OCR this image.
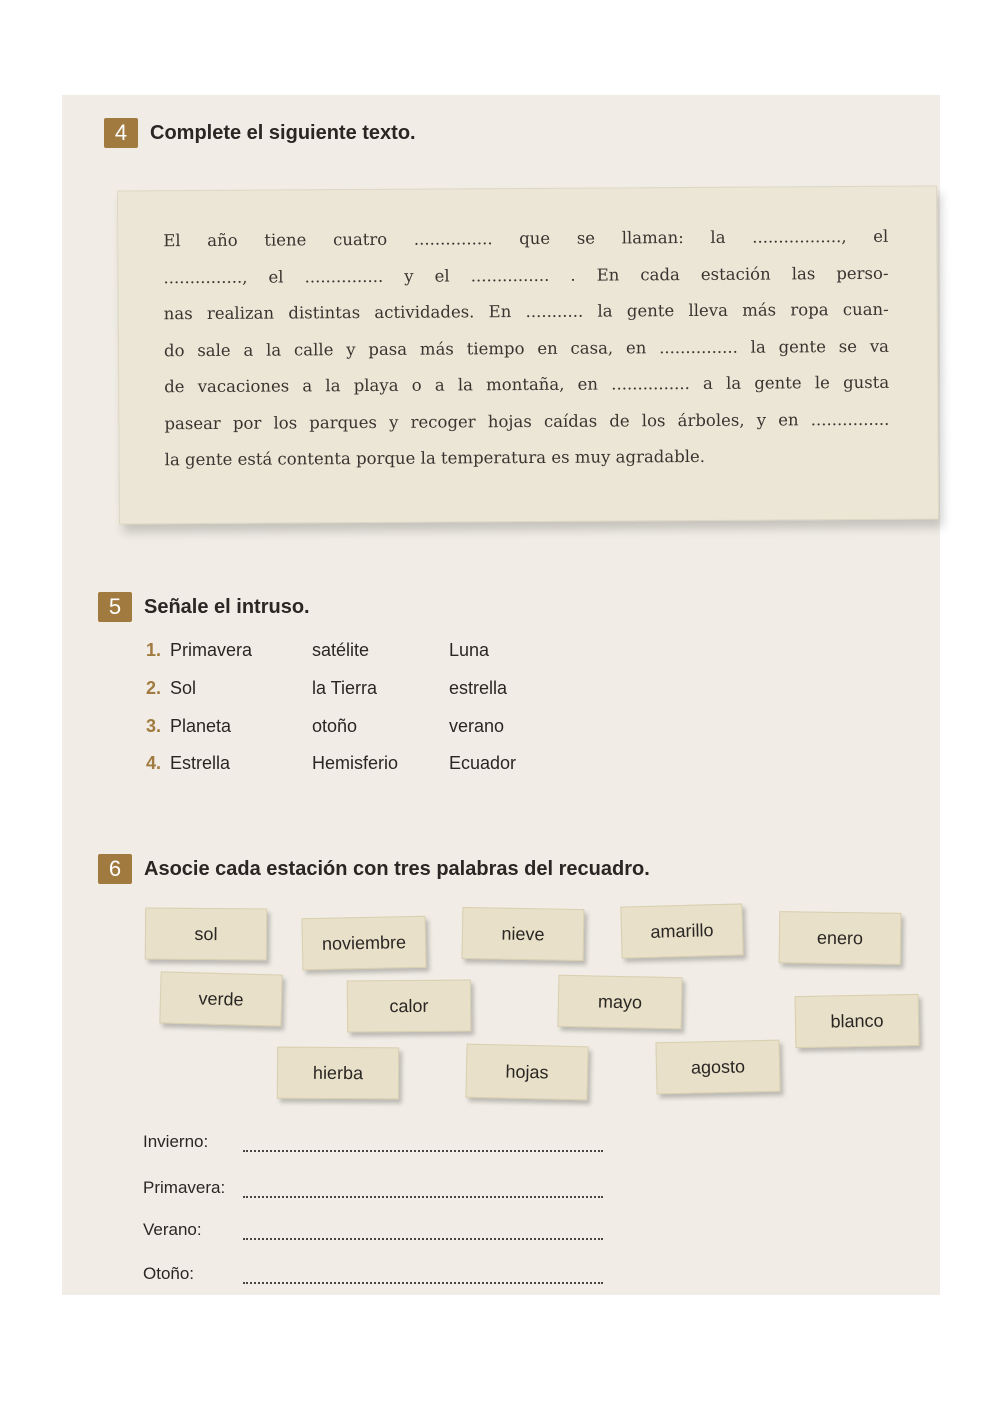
4	Complete el siguiente texto.
El año tiene cuatro ............... que se llaman: la ................., el
..............., el ............... y el ............... . En cada estación las perso-
nas realizan distintas actividades. En ........... la gente lleva más ropa cuan-
do sale a la calle y pasa más tiempo en casa, en ............... la gente se va
de vacaciones a la playa o a la montaña, en ............... a la gente le gusta
pasear por los parques y recoger hojas caídas de los árboles, y en ...............
la gente está contenta porque la temperatura es muy agradable.
5	Señale el intruso.
1. Primavera	satélite	Luna
2. Sol	la Tierra	estrella
3. Planeta	otoño	verano
4. Estrella	Hemisferio	Ecuador
6	Asocie cada estación con tres palabras del recuadro.
sol	noviembre	nieve	amarillo	enero
verde	calor	mayo
blanco
hierba	hojas	agosto
Invierno:
Primavera:
Verano:
Otoño:
